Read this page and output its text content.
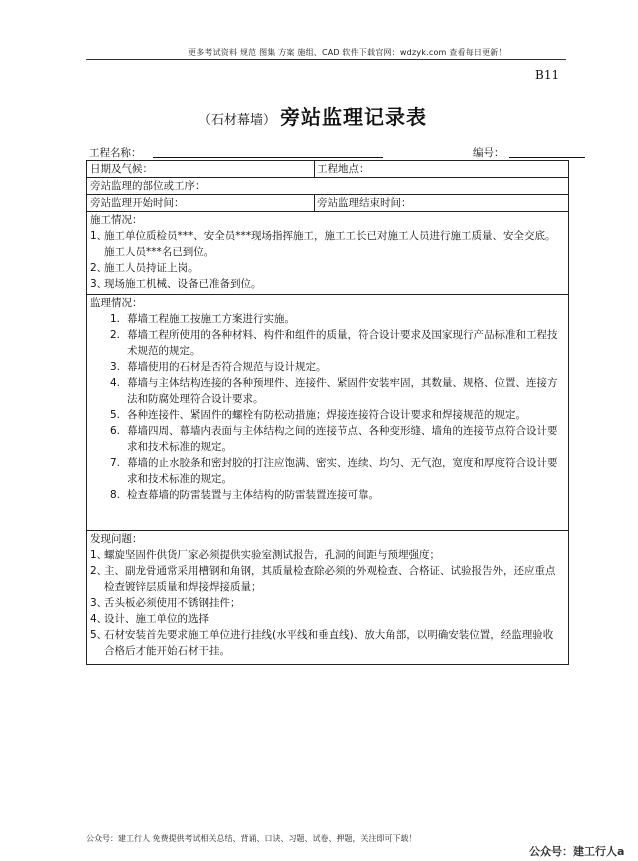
更多考试资料 规范 图集 方案 施组、CAD 软件下载官网：wdzyk.com 查看每日更新！
B11
（石材幕墙） 旁站监理记录表
工程名称：	编号：
日期及气候：	工程地点：
旁站监理的部位或工序：
旁站监理开始时间：	旁站监理结束时间：
施工情况：
1、
施工单位质检员***、安全员***现场指挥施工，施工工长已对施工人员进行施工质量、安全交底。施工人员***名已到位。
2、
施工人员持证上岗。
3、
现场施工机械、设备已准备到位。
监理情况：
1. 幕墙工程施工按施工方案进行实施。
2. 幕墙工程所使用的各种材料、构件和组件的质量，符合设计要求及国家现行产品标准和工程技术规范的规定。
3. 幕墙使用的石材是否符合规范与设计规定。
4. 幕墙与主体结构连接的各种预埋件、连接件、紧固件安装牢固，其数量、规格、位置、连接方法和防腐处理符合设计要求。
5. 各种连接件、紧固件的螺栓有防松动措施；焊接连接符合设计要求和焊接规范的规定。
6. 幕墙四周、幕墙内表面与主体结构之间的连接节点、各种变形缝、墙角的连接节点符合设计要求和技术标准的规定。
7. 幕墙的止水胶条和密封胶的打注应饱满、密实、连续、均匀、无气泡，宽度和厚度符合设计要求和技术标准的规定。
8. 检查幕墙的防雷装置与主体结构的防雷装置连接可靠。
发现问题：
1、
螺旋坚固件供货厂家必须提供实验室测试报告，孔洞的间距与预埋强度；
2、
主、副龙骨通常采用槽钢和角钢，其质量检查除必须的外观检查、合格证、试验报告外，还应重点检查镀锌层质量和焊接焊接质量；
3、
舌头板必须使用不锈钢挂件；
4、
设计、施工单位的选择
5、
石材安装首先要求施工单位进行挂线(水平线和垂直线)、放大角部，以明确安装位置，经监理验收合格后才能开始石材干挂。
公众号：建工行人 免费提供考试相关总结、背诵、口诀、习题、试卷、押题，关注即可下载！
公众号：建工行人a
